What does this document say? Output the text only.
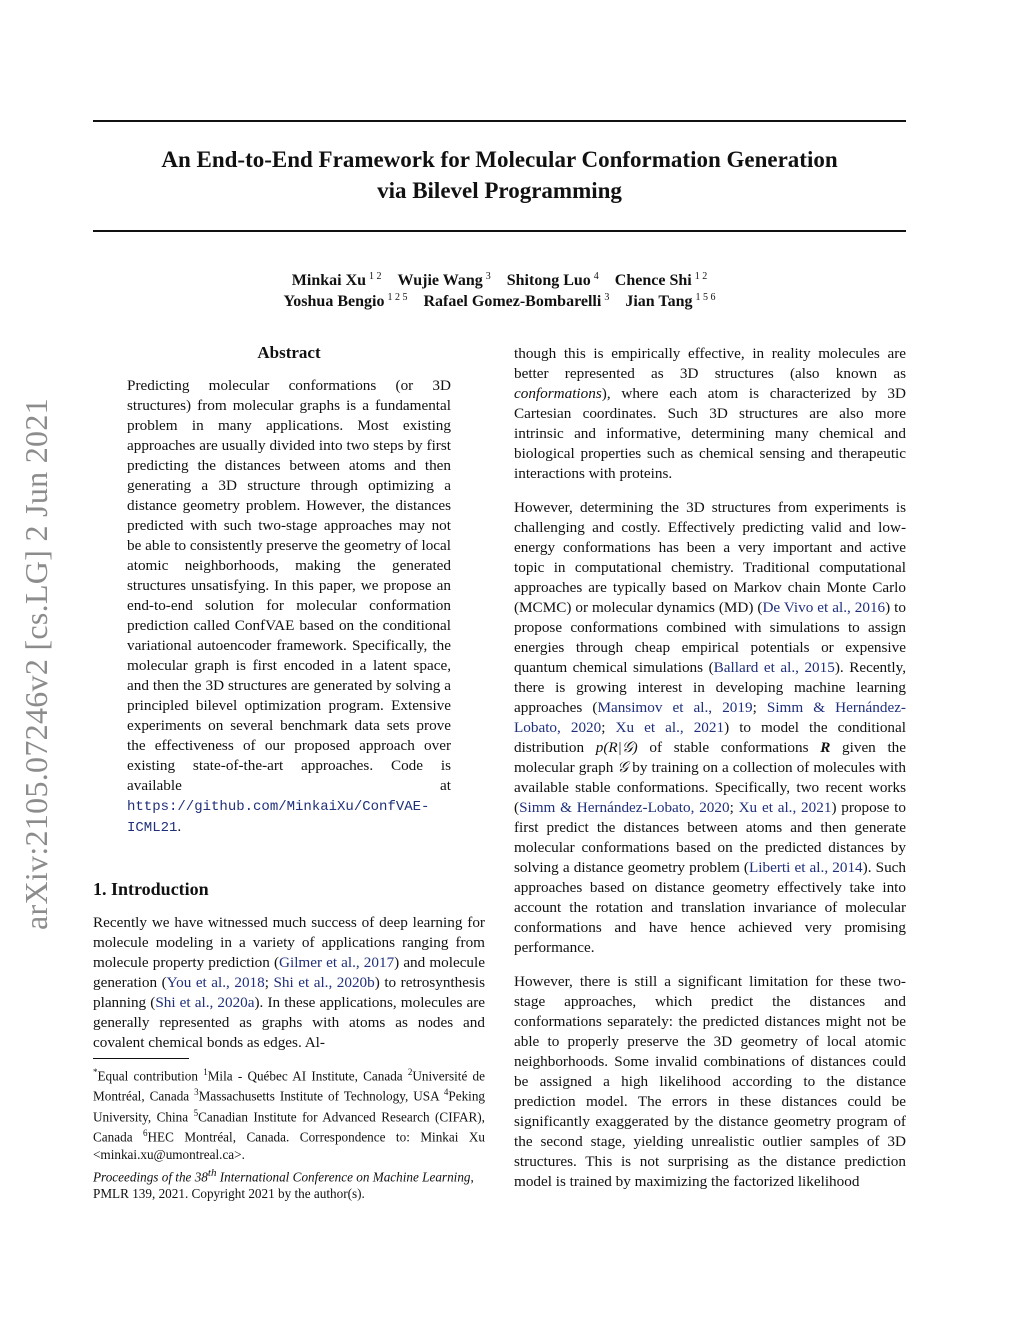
An End-to-End Framework for Molecular Conformation Generation
via Bilevel Programming
Minkai Xu $^{1 2}$ Wujie Wang $^3$ Shitong Luo $^4$ Chence Shi $^{1 2}$
Yoshua Bengio $^{1 2 5}$ Rafael Gomez-Bombarelli $^3$ Jian Tang $^{1 5 6}$
arXiv:2105.07246v2 [cs.LG] 2 Jun 2021
Abstract

Predicting molecular conformations (or 3D structures) from molecular graphs is a fundamental problem in many applications. Most existing approaches are usually divided into two steps by first predicting the distances between atoms and then generating a 3D structure through optimizing a distance geometry problem. However, the distances predicted with such two-stage approaches may not be able to consistently preserve the geometry of local atomic neighborhoods, making the generated structures unsatisfying. In this paper, we propose an end-to-end solution for molecular conformation prediction called ConfVAE based on the conditional variational autoencoder framework. Specifically, the molecular graph is first encoded in a latent space, and then the 3D structures are generated by solving a principled bilevel optimization program. Extensive experiments on several benchmark data sets prove the effectiveness of our proposed approach over existing state-of-the-art approaches. Code is available at https://github.com/MinkaiXu/ConfVAE-ICML21.

1. Introduction

Recently we have witnessed much success of deep learning for molecule modeling in a variety of applications ranging from molecule property prediction (Gilmer et al., 2017) and molecule generation (You et al., 2018; Shi et al., 2020b) to retrosynthesis planning (Shi et al., 2020a). In these applications, molecules are generally represented as graphs with atoms as nodes and covalent chemical bonds as edges. Al-

*Equal contribution $^1$Mila - Québec AI Institute, Canada $^2$Université de Montréal, Canada $^3$Massachusetts Institute of Technology, USA $^4$Peking University, China $^5$Canadian Institute for Advanced Research (CIFAR), Canada $^6$HEC Montréal, Canada. Correspondence to: Minkai Xu <minkai.xu@umontreal.ca>.
Proceedings of the 38th International Conference on Machine Learning, PMLR 139, 2021. Copyright 2021 by the author(s).

though this is empirically effective, in reality molecules are better represented as 3D structures (also known as conformations), where each atom is characterized by 3D Cartesian coordinates. Such 3D structures are also more intrinsic and informative, determining many chemical and biological properties such as chemical sensing and therapeutic interactions with proteins.

However, determining the 3D structures from experiments is challenging and costly. Effectively predicting valid and low-energy conformations has been a very important and active topic in computational chemistry. Traditional computational approaches are typically based on Markov chain Monte Carlo (MCMC) or molecular dynamics (MD) (De Vivo et al., 2016) to propose conformations combined with simulations to assign energies through cheap empirical potentials or expensive quantum chemical simulations (Ballard et al., 2015). Recently, there is growing interest in developing machine learning approaches (Mansimov et al., 2019; Simm & Hernández-Lobato, 2020; Xu et al., 2021) to model the conditional distribution p(R|𝒢) of stable conformations R given the molecular graph 𝒢 by training on a collection of molecules with available stable conformations. Specifically, two recent works (Simm & Hernández-Lobato, 2020; Xu et al., 2021) propose to first predict the distances between atoms and then generate molecular conformations based on the predicted distances by solving a distance geometry problem (Liberti et al., 2014). Such approaches based on distance geometry effectively take into account the rotation and translation invariance of molecular conformations and have hence achieved very promising performance.

However, there is still a significant limitation for these two-stage approaches, which predict the distances and conformations separately: the predicted distances might not be able to properly preserve the 3D geometry of local atomic neighborhoods. Some invalid combinations of distances could be assigned a high likelihood according to the distance prediction model. The errors in these distances could be significantly exaggerated by the distance geometry program of the second stage, yielding unrealistic outlier samples of 3D structures. This is not surprising as the distance prediction model is trained by maximizing the factorized likelihood
